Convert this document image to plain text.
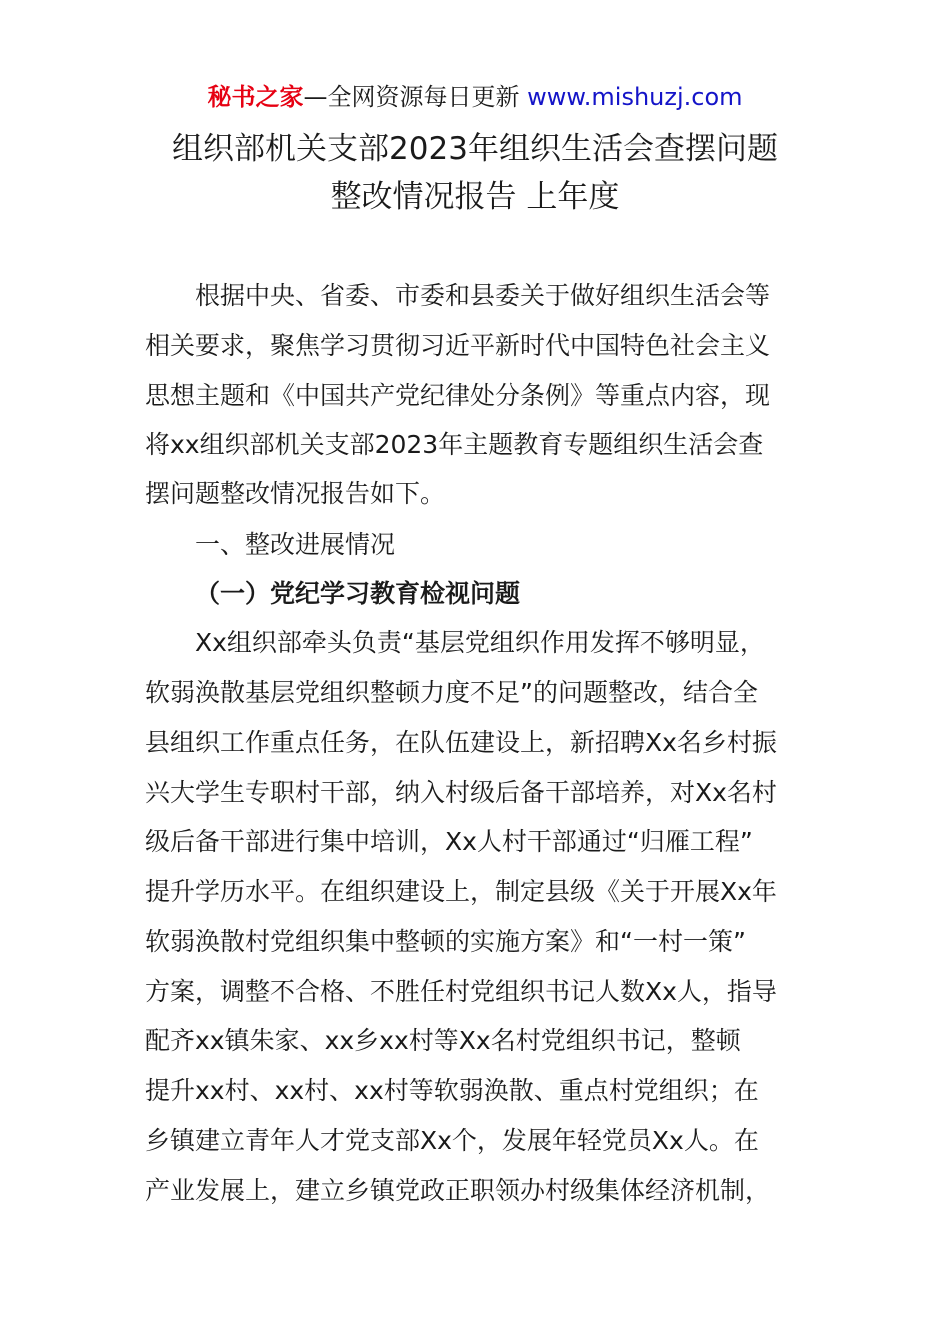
秘书之家—全网资源每日更新 www.mishuzj.com
组织部机关支部2023年组织生活会查摆问题
整改情况报告 上年度
根据中央、省委、市委和县委关于做好组织生活会等
相关要求，聚焦学习贯彻习近平新时代中国特色社会主义
思想主题和《中国共产党纪律处分条例》等重点内容，现
将xx组织部机关支部2023年主题教育专题组织生活会查
摆问题整改情况报告如下。
一、整改进展情况
（一）党纪学习教育检视问题
Xx组织部牵头负责“基层党组织作用发挥不够明显，
软弱涣散基层党组织整顿力度不足”的问题整改，结合全
县组织工作重点任务，在队伍建设上，新招聘Xx名乡村振
兴大学生专职村干部，纳入村级后备干部培养，对Xx名村
级后备干部进行集中培训，Xx人村干部通过“归雁工程”
提升学历水平。在组织建设上，制定县级《关于开展Xx年
软弱涣散村党组织集中整顿的实施方案》和“一村一策”
方案，调整不合格、不胜任村党组织书记人数Xx人，指导
配齐xx镇朱家、xx乡xx村等Xx名村党组织书记，整顿
提升xx村、xx村、xx村等软弱涣散、重点村党组织；在
乡镇建立青年人才党支部Xx个，发展年轻党员Xx人。在
产业发展上，建立乡镇党政正职领办村级集体经济机制，
